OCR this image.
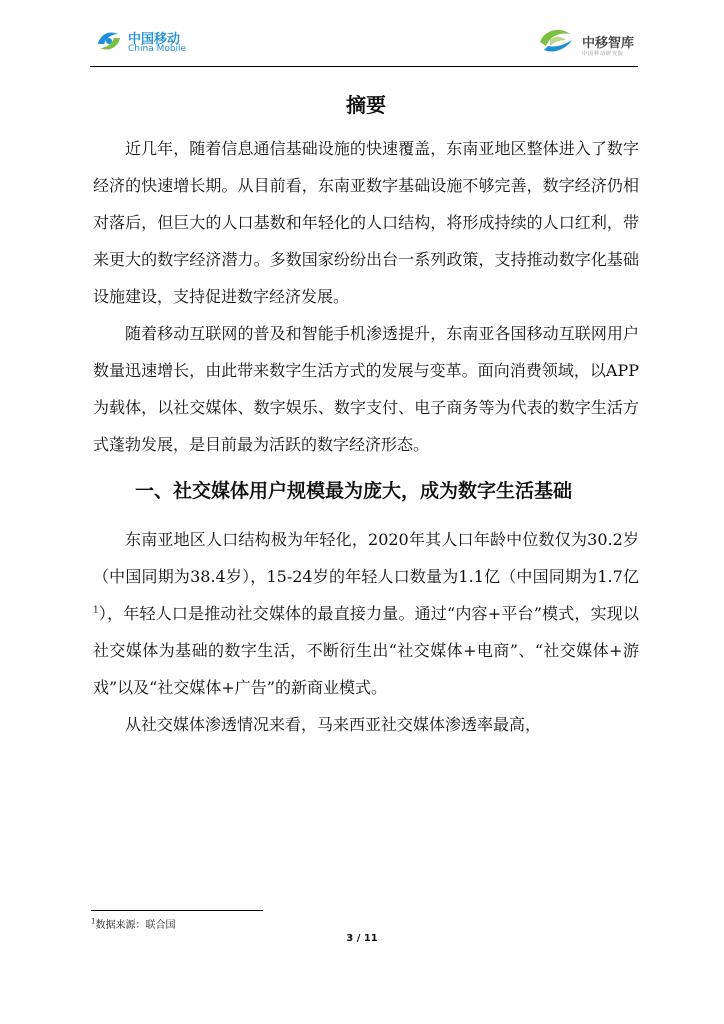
中国移动
China Mobile	中移智库
中国移动研究院
摘要

近几年，随着信息通信基础设施的快速覆盖，东南亚地区整体进入了数字经济的快速增长期。从目前看，东南亚数字基础设施不够完善，数字经济仍相对落后，但巨大的人口基数和年轻化的人口结构，将形成持续的人口红利，带来更大的数字经济潜力。多数国家纷纷出台一系列政策，支持推动数字化基础设施建设，支持促进数字经济发展。

随着移动互联网的普及和智能手机渗透提升，东南亚各国移动互联网用户数量迅速增长，由此带来数字生活方式的发展与变革。面向消费领域，以APP为载体，以社交媒体、数字娱乐、数字支付、电子商务等为代表的数字生活方式蓬勃发展，是目前最为活跃的数字经济形态。

一、社交媒体用户规模最为庞大，成为数字生活基础

东南亚地区人口结构极为年轻化，2020年其人口年龄中位数仅为30.2岁（中国同期为38.4岁），15-24岁的年轻人口数量为1.1亿（中国同期为1.7亿$^1$），年轻人口是推动社交媒体的最直接力量。通过“内容+平台”模式，实现以社交媒体为基础的数字生活，不断衍生出“社交媒体+电商”、“社交媒体+游戏”以及“社交媒体+广告”的新商业模式。

从社交媒体渗透情况来看，马来西亚社交媒体渗透率最高，

$^1$数据来源：联合国
3 / 11
